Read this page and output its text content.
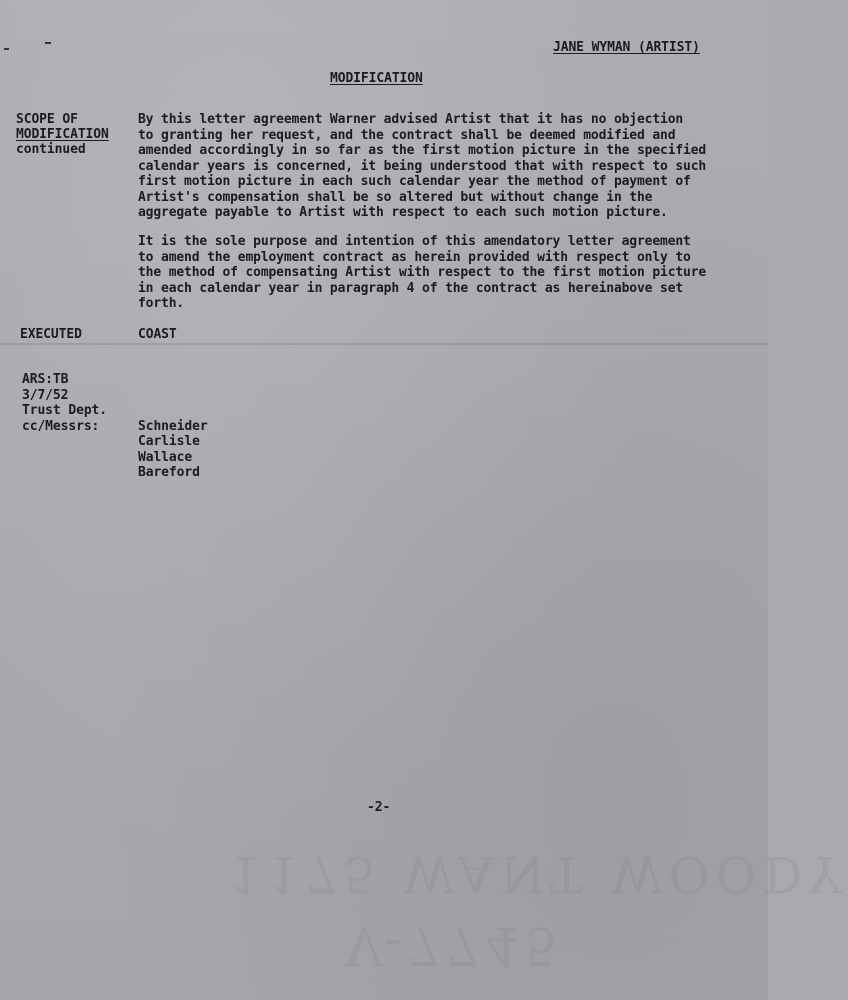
1175 WANT WOODY
V-7745
JANE WYMAN (ARTIST)
MODIFICATION
SCOPE OF
MODIFICATION
continued
By this letter agreement Warner advised Artist that it has no objection
to granting her request, and the contract shall be deemed modified and
amended accordingly in so far as the first motion picture in the specified
calendar years is concerned, it being understood that with respect to such
first motion picture in each such calendar year the method of payment of
Artist's compensation shall be so altered but without change in the
aggregate payable to Artist with respect to each such motion picture.
It is the sole purpose and intention of this amendatory letter agreement
to amend the employment contract as herein provided with respect only to
the method of compensating Artist with respect to the first motion picture
in each calendar year in paragraph 4 of the contract as hereinabove set
forth.
EXECUTED	COAST
ARS:TB
3/7/52
Trust Dept.
cc/Messrs:	Schneider
Carlisle
Wallace
Bareford
-2-
